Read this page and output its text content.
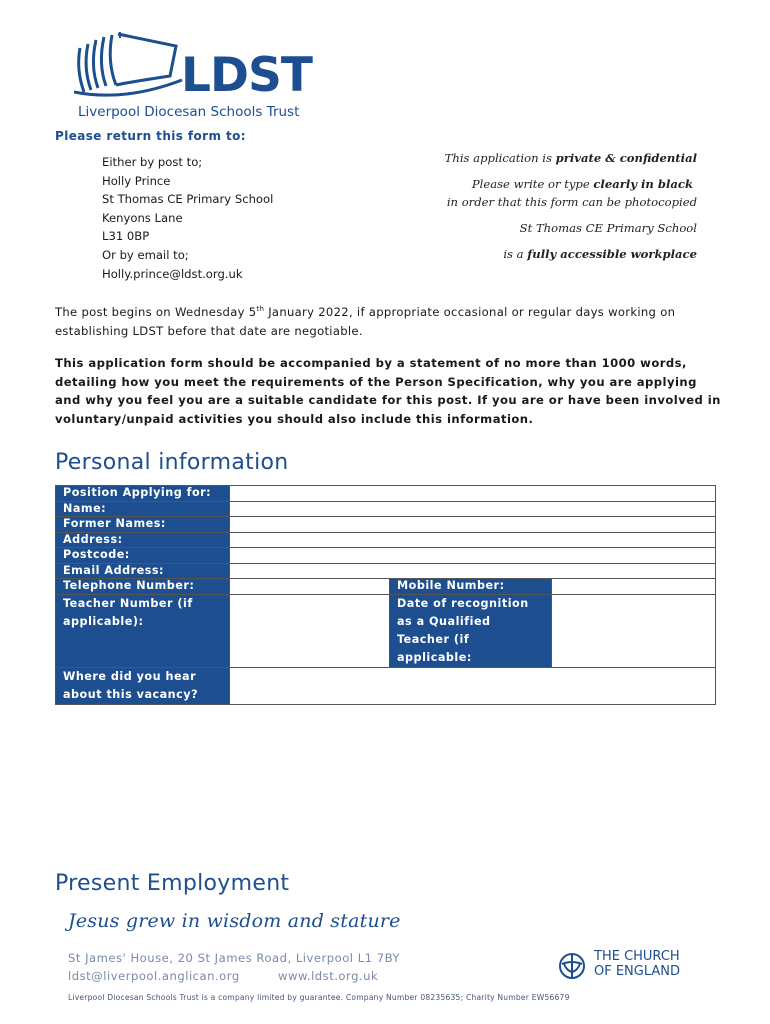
LDST
Liverpool Diocesan Schools Trust
Please return this form to:
Either by post to;
Holly Prince
St Thomas CE Primary School
Kenyons Lane
L31 0BP
Or by email to;
Holly.prince@ldst.org.uk
This application is private & confidential
Please write or type clearly in black
in order that this form can be photocopied
St Thomas CE Primary School
is a fully accessible workplace
The post begins on Wednesday 5th January 2022, if appropriate occasional or regular days working on establishing LDST before that date are negotiable.
This application form should be accompanied by a statement of no more than 1000 words, detailing how you meet the requirements of the Person Specification, why you are applying and why you feel you are a suitable candidate for this post. If you are or have been involved in voluntary/unpaid activities you should also include this information.
Personal information
Position Applying for:			
Name:			
Former Names:			
Address:			
Postcode:			
Email Address:			
Telephone Number:		Mobile Number:	
Teacher Number (if applicable):		Date of recognition as a Qualified Teacher (if applicable:	
Where did you hear about this vacancy?			
Present Employment
Jesus grew in wisdom and stature
St James' House, 20 St James Road, Liverpool L1 7BY
ldst@liverpool.anglican.org	www.ldst.org.uk
Liverpool Diocesan Schools Trust is a company limited by guarantee. Company Number 08235635; Charity Number EW56679
THE CHURCH
OF ENGLAND
